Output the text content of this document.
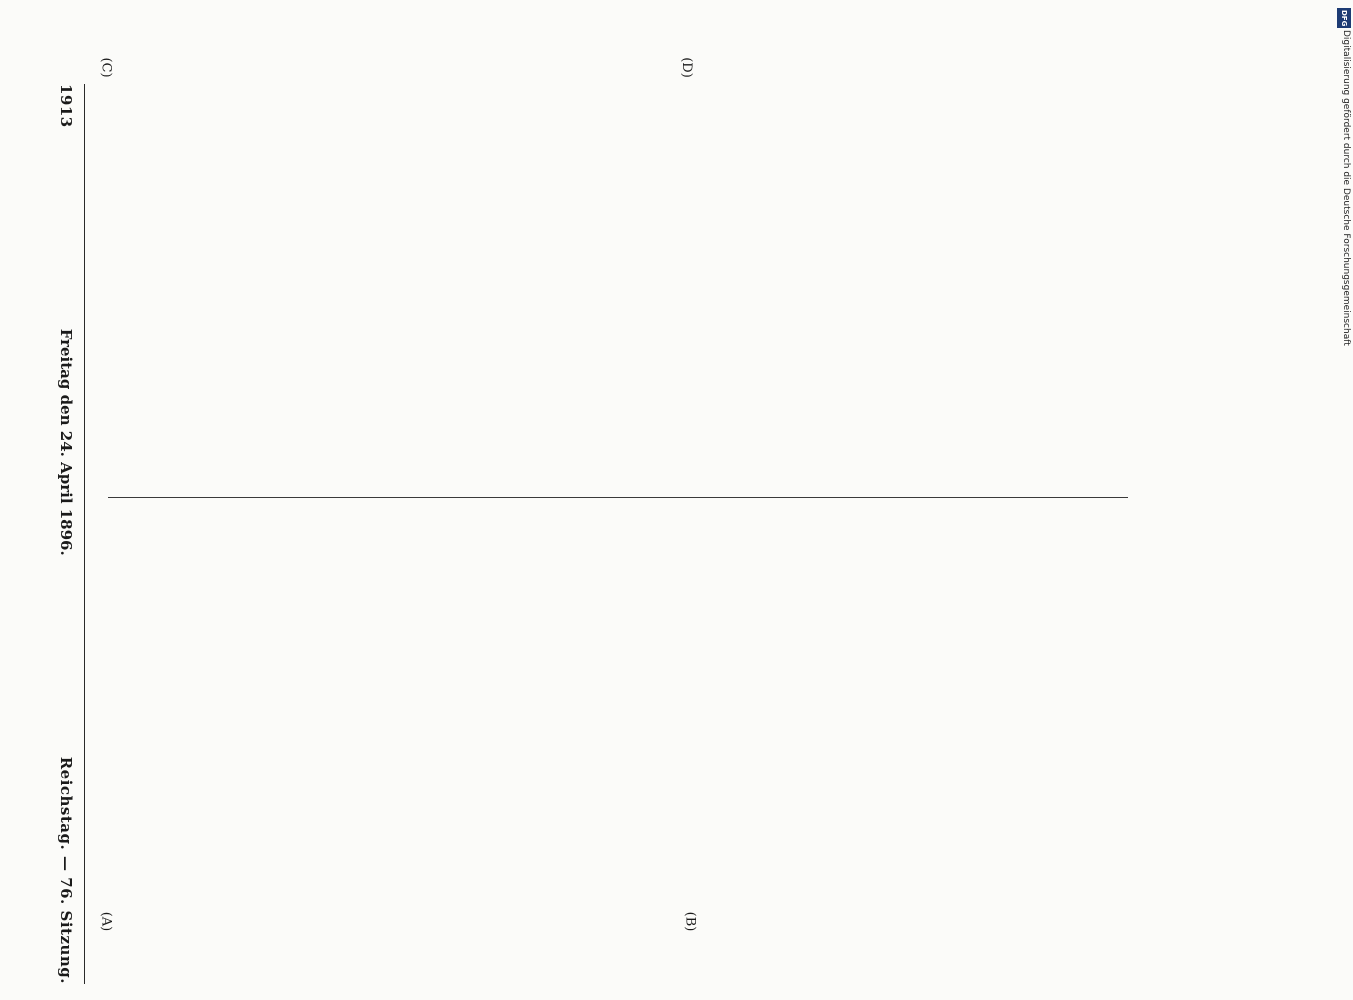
1913
Freitag den 24. April 1896.
Reichstag. — 76. Sitzung. (A)
(C)
(B)
(D)
DFG
Digitalisierung gefördert durch die Deutsche Forschungsgemeinschaft
